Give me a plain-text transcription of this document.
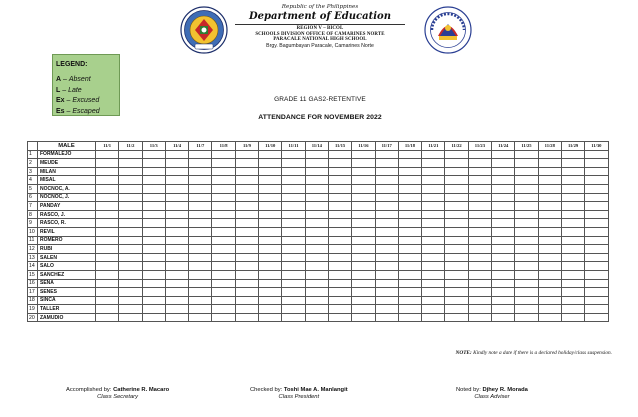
Republic of the Philippines
Department of Education
REGION V – BICOL
SCHOOLS DIVISION OFFICE OF CAMARINES NORTE
PARACALE NATIONAL HIGH SCHOOL
Brgy. Bagumbayan Paracale, Camarines Norte
LEGEND:
A – Absent
L – Late
Ex – Excused
Es – Escaped
GRADE 11 GAS2-RETENTIVE
ATTENDANCE FOR NOVEMBER 2022
	MALE	11/1	11/2	11/3	11/4	11/7	11/8	11/9	11/10	11/11	11/14	11/15	11/16	11/17	11/18	11/21	11/22	11/23	11/24	11/25	11/28	11/29	11/30
1	FORMALEJO																						
2	MEUDE																						
3	MILAN																						
4	MISAL																						
5	NOCNOC, A.																						
6	NOCNOC, J.																						
7	PANDAY																						
8	RASCO, J.																						
9	RASCO, R.																						
10	REVIL																						
11	ROMERO																						
12	RUBI																						
13	SALEN																						
14	SALO																						
15	SANCHEZ																						
16	SENA																						
17	SENES																						
18	SINCA																						
19	TALLER																						
20	ZAMUDIO																						
NOTE: Kindly note a date if there is a declared holiday/class suspension.
Accomplished by: Catherine R. Macaro
Class Secretary
Checked by: Toshi Mae A. Manlangit
Class President
Noted by: Djhey R. Morada
Class Adviser
